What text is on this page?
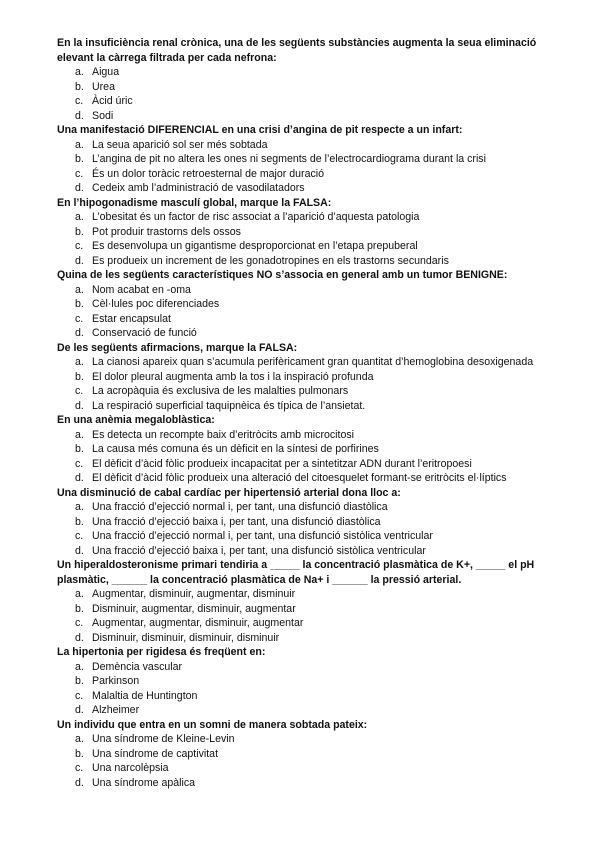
En la insuficiència renal crònica, una de les següents substàncies augmenta la seua eliminació elevant la càrrega filtrada per cada nefrona:

a. Aigua
b. Urea
c. Àcid úric
d. Sodi

Una manifestació DIFERENCIAL en una crisi d’angina de pit respecte a un infart:

a. La seua aparició sol ser més sobtada
b. L’angina de pit no altera les ones ni segments de l’electrocardiograma durant la crisi
c. És un dolor toràcic retroesternal de major duració
d. Cedeix amb l’administració de vasodilatadors

En l’hipogonadisme masculí global, marque la FALSA:

a. L’obesitat és un factor de risc associat a l’aparició d’aquesta patologia
b. Pot produir trastorns dels ossos
c. Es desenvolupa un gigantisme desproporcionat en l’etapa prepuberal
d. Es produeix un increment de les gonadotropines en els trastorns secundaris

Quina de les següents característiques NO s’associa en general amb un tumor BENIGNE:

a. Nom acabat en -oma
b. Cèl·lules poc diferenciades
c. Estar encapsulat
d. Conservació de funció

De les següents afirmacions, marque la FALSA:

a. La cianosi apareix quan s’acumula perifèricament gran quantitat d’hemoglobina desoxigenada
b. El dolor pleural augmenta amb la tos i la inspiració profunda
c. La acropàquia és exclusiva de les malalties pulmonars
d. La respiració superficial taquipnèica és típica de l’ansietat.

En una anèmia megaloblàstica:

a. Es detecta un recompte baix d’eritròcits amb microcitosi
b. La causa més comuna és un dèficit en la síntesi de porfirines
c. El dèficit d’àcid fòlic produeix incapacitat per a sintetitzar ADN durant l’eritropoesi
d. El dèficit d’àcid fòlic produeix una alteració del citoesquelet formant-se eritròcits el·líptics

Una disminució de cabal cardíac per hipertensió arterial dona lloc a:

a. Una fracció d’ejecció normal i, per tant, una disfunció diastòlica
b. Una fracció d’ejecció baixa i, per tant, una disfunció diastòlica
c. Una fracció d’ejecció normal i, per tant, una disfunció sistòlica ventricular
d. Una fracció d’ejecció baixa i, per tant, una disfunció sistòlica ventricular

Un hiperaldosteronisme primari tendiria a _____ la concentració plasmàtica de K+, _____ el pH plasmàtic, ______ la concentració plasmàtica de Na+ i ______ la pressió arterial.

a. Augmentar, disminuir, augmentar, disminuir
b. Disminuir, augmentar, disminuir, augmentar
c. Augmentar, augmentar, disminuir, augmentar
d. Disminuir, disminuir, disminuir, disminuir

La hipertonia per rigidesa és freqüent en:

a. Demència vascular
b. Parkinson
c. Malaltia de Huntington
d. Alzheimer

Un individu que entra en un somni de manera sobtada pateix:

a. Una síndrome de Kleine-Levin
b. Una síndrome de captivitat
c. Una narcolèpsia
d. Una síndrome apàlica
